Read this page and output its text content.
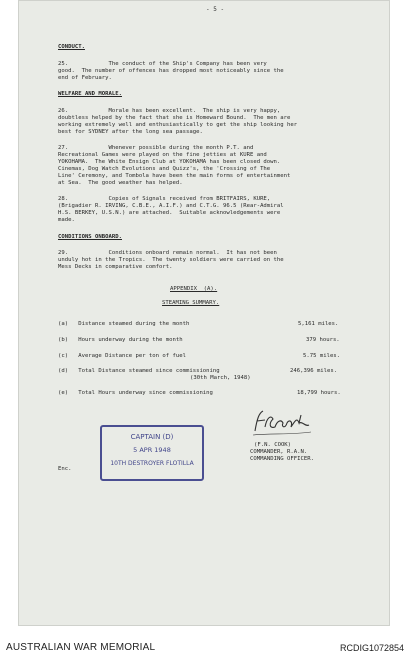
- 5 -
CONDUCT.
25.            The conduct of the Ship's Company has been very
good.  The number of offences has dropped most noticeably since the
end of February.
WELFARE AND MORALE.
26.            Morale has been excellent.  The ship is very happy,
doubtless helped by the fact that she is Homeward Bound.  The men are
working extremely well and enthusiastically to get the ship looking her
best for SYDNEY after the long sea passage.
27.            Whenever possible during the month P.T. and
Recreational Games were played on the fine jetties at KURE and
YOKOHAMA.  The White Ensign Club at YOKOHAMA has been closed down.
Cinemas, Dog Watch Evolutions and Quizz's, the 'Crossing of The
Line' Ceremony, and Tombola have been the main forms of entertainment
at Sea.  The good weather has helped.
28.            Copies of Signals received from BRITFAIRS, KURE,
(Brigadier R. IRVING, C.B.E., A.I.F.) and C.T.G. 96.5 (Rear-Admiral
H.S. BERKEY, U.S.N.) are attached.  Suitable acknowledgements were
made.
CONDITIONS ONBOARD.
29.            Conditions onboard remain normal.  It has not been
unduly hot in the Tropics.  The twenty soldiers were carried on the
Mess Decks in comparative comfort.
APPENDIX  (A).
STEAMING SUMMARY.
(a)   Distance steamed during the month	5,161 miles.
(b)   Hours underway during the month	379 hours.
(c)   Average Distance per ton of fuel	5.75 miles.
(d)   Total Distance steamed since commissioning	246,396 miles.
(30th March, 1948)
(e)   Total Hours underway since commissioning	18,799 hours.
(F.N. COOK)
COMMANDER, R.A.N.
COMMANDING OFFICER.
CAPTAIN (D)
5 APR 1948
10TH DESTROYER FLOTILLA
Enc.
AUSTRALIAN WAR MEMORIAL	RCDIG1072854
